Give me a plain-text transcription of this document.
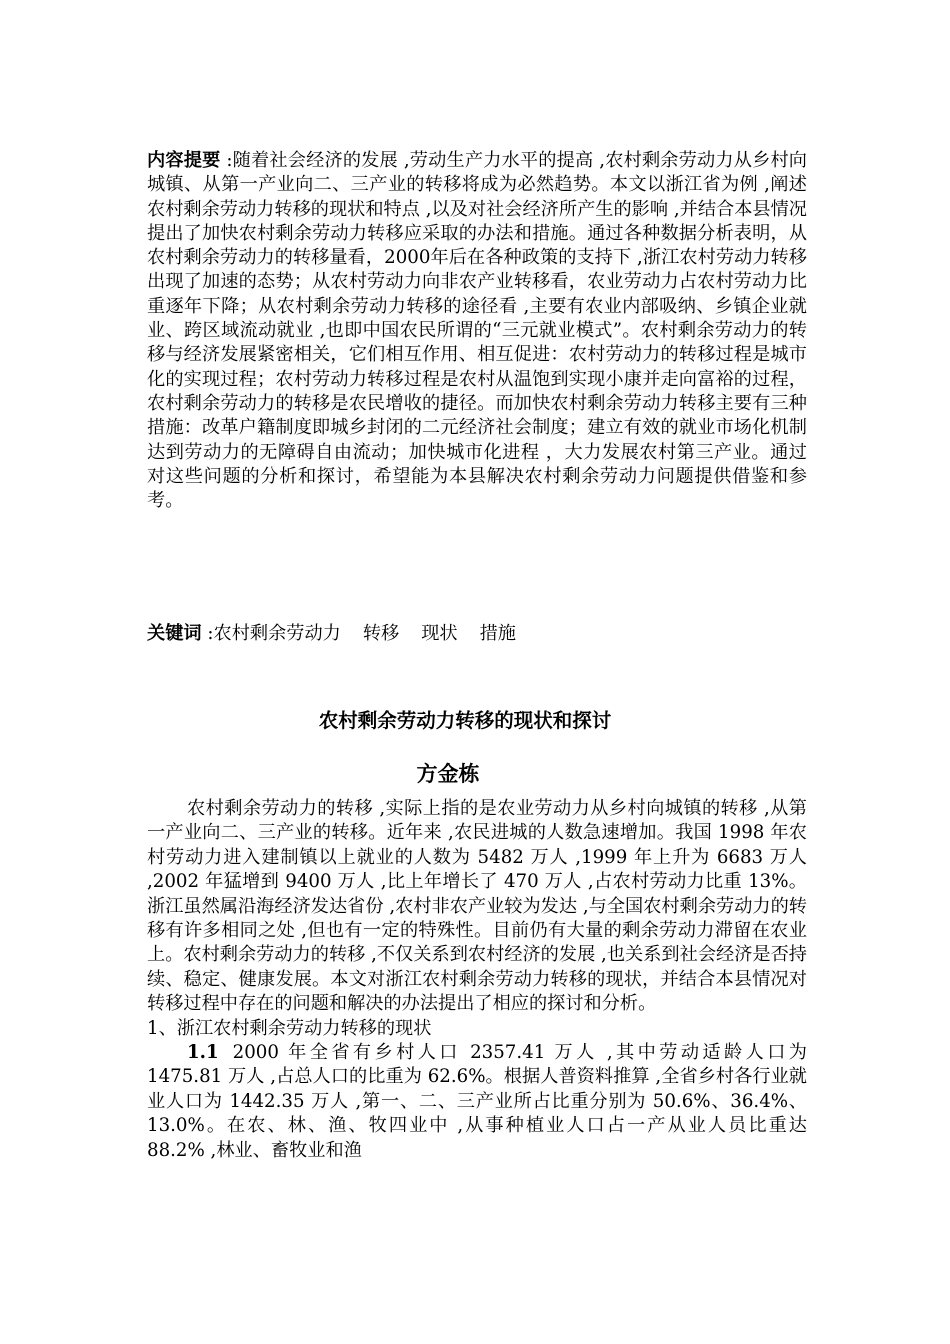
内容提要 :随着社会经济的发展 ,劳动生产力水平的提高 ,农村剩余劳动力从乡村向城镇、从第一产业向二、三产业的转移将成为必然趋势。本文以浙江省为例 ,阐述农村剩余劳动力转移的现状和特点 ,以及对社会经济所产生的影响 ,并结合本县情况提出了加快农村剩余劳动力转移应采取的办法和措施。通过各种数据分析表明，从农村剩余劳动力的转移量看，2000年后在各种政策的支持下 ,浙江农村劳动力转移出现了加速的态势；从农村劳动力向非农产业转移看，农业劳动力占农村劳动力比重逐年下降；从农村剩余劳动力转移的途径看 ,主要有农业内部吸纳、乡镇企业就业、跨区域流动就业 ,也即中国农民所谓的“三元就业模式”。农村剩余劳动力的转移与经济发展紧密相关，它们相互作用、相互促进：农村劳动力的转移过程是城市化的实现过程；农村劳动力转移过程是农村从温饱到实现小康并走向富裕的过程，农村剩余劳动力的转移是农民增收的捷径。而加快农村剩余劳动力转移主要有三种措施：改革户籍制度即城乡封闭的二元经济社会制度；建立有效的就业市场化机制达到劳动力的无障碍自由流动；加快城市化进程 ，大力发展农村第三产业。通过对这些问题的分析和探讨，希望能为本县解决农村剩余劳动力问题提供借鉴和参考。
关键词 :农村剩余劳动力 转移 现状 措施
农村剩余劳动力转移的现状和探讨
方金栋

农村剩余劳动力的转移 ,实际上指的是农业劳动力从乡村向城镇的转移 ,从第一产业向二、三产业的转移。近年来 ,农民进城的人数急速增加。我国 1998 年农村劳动力进入建制镇以上就业的人数为 5482 万人 ,1999 年上升为 6683 万人 ,2002 年猛增到 9400 万人 ,比上年增长了 470 万人 ,占农村劳动力比重 13%。浙江虽然属沿海经济发达省份 ,农村非农产业较为发达 ,与全国农村剩余劳动力的转移有许多相同之处 ,但也有一定的特殊性。目前仍有大量的剩余劳动力滞留在农业上。农村剩余劳动力的转移 ,不仅关系到农村经济的发展 ,也关系到社会经济是否持续、稳定、健康发展。本文对浙江农村剩余劳动力转移的现状，并结合本县情况对转移过程中存在的问题和解决的办法提出了相应的探讨和分析。

1、浙江农村剩余劳动力转移的现状

1.1 2000 年全省有乡村人口 2357.41 万人 ,其中劳动适龄人口为 1475.81 万人 ,占总人口的比重为 62.6%。根据人普资料推算 ,全省乡村各行业就业人口为 1442.35 万人 ,第一、二、三产业所占比重分别为 50.6%、36.4%、13.0%。在农、林、渔、牧四业中 ,从事种植业人口占一产从业人员比重达 88.2% ,林业、畜牧业和渔
